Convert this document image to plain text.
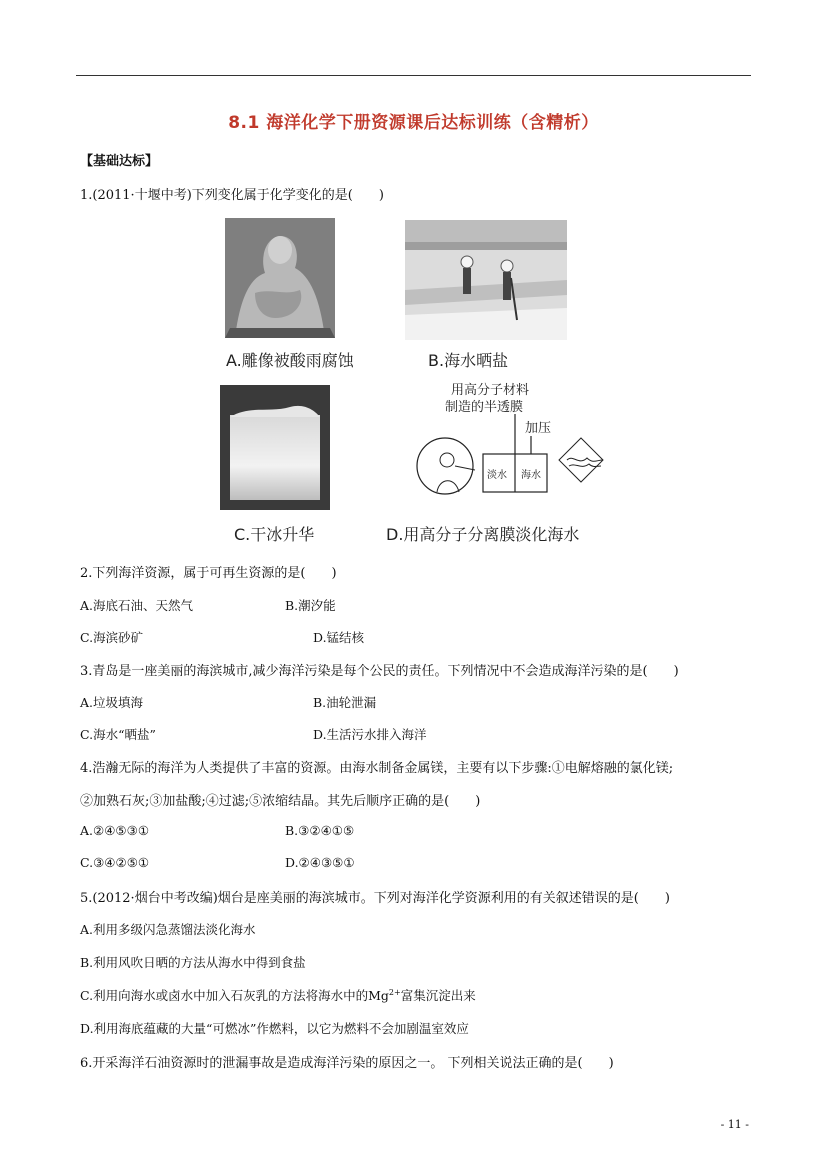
8.1 海洋化学下册资源课后达标训练（含精析）
【基础达标】
1.(2011·十堰中考)下列变化属于化学变化的是(　　)
A.雕像被酸雨腐蚀	B.海水晒盐
C.干冰升华
用高分子材料
制造的半透膜
加压
淡水 海水
D.用高分子分离膜淡化海水
2.下列海洋资源，属于可再生资源的是(　　)
A.海底石油、天然气	B.潮汐能
C.海滨砂矿	D.锰结核
3.青岛是一座美丽的海滨城市,减少海洋污染是每个公民的责任。下列情况中不会造成海洋污染的是(　　)
A.垃圾填海	B.油轮泄漏
C.海水“晒盐”	D.生活污水排入海洋
4.浩瀚无际的海洋为人类提供了丰富的资源。由海水制备金属镁，主要有以下步骤:①电解熔融的氯化镁;
②加熟石灰;③加盐酸;④过滤;⑤浓缩结晶。其先后顺序正确的是(　　)
A.②④⑤③①	B.③②④①⑤
C.③④②⑤①	D.②④③⑤①
5.(2012·烟台中考改编)烟台是座美丽的海滨城市。下列对海洋化学资源利用的有关叙述错误的是(　　)
A.利用多级闪急蒸馏法淡化海水
B.利用风吹日晒的方法从海水中得到食盐
C.利用向海水或卤水中加入石灰乳的方法将海水中的$Mg^{2+}$富集沉淀出来
D.利用海底蕴藏的大量“可燃冰”作燃料，以它为燃料不会加剧温室效应
6.开采海洋石油资源时的泄漏事故是造成海洋污染的原因之一。 下列相关说法正确的是(　　)
- 11 -
